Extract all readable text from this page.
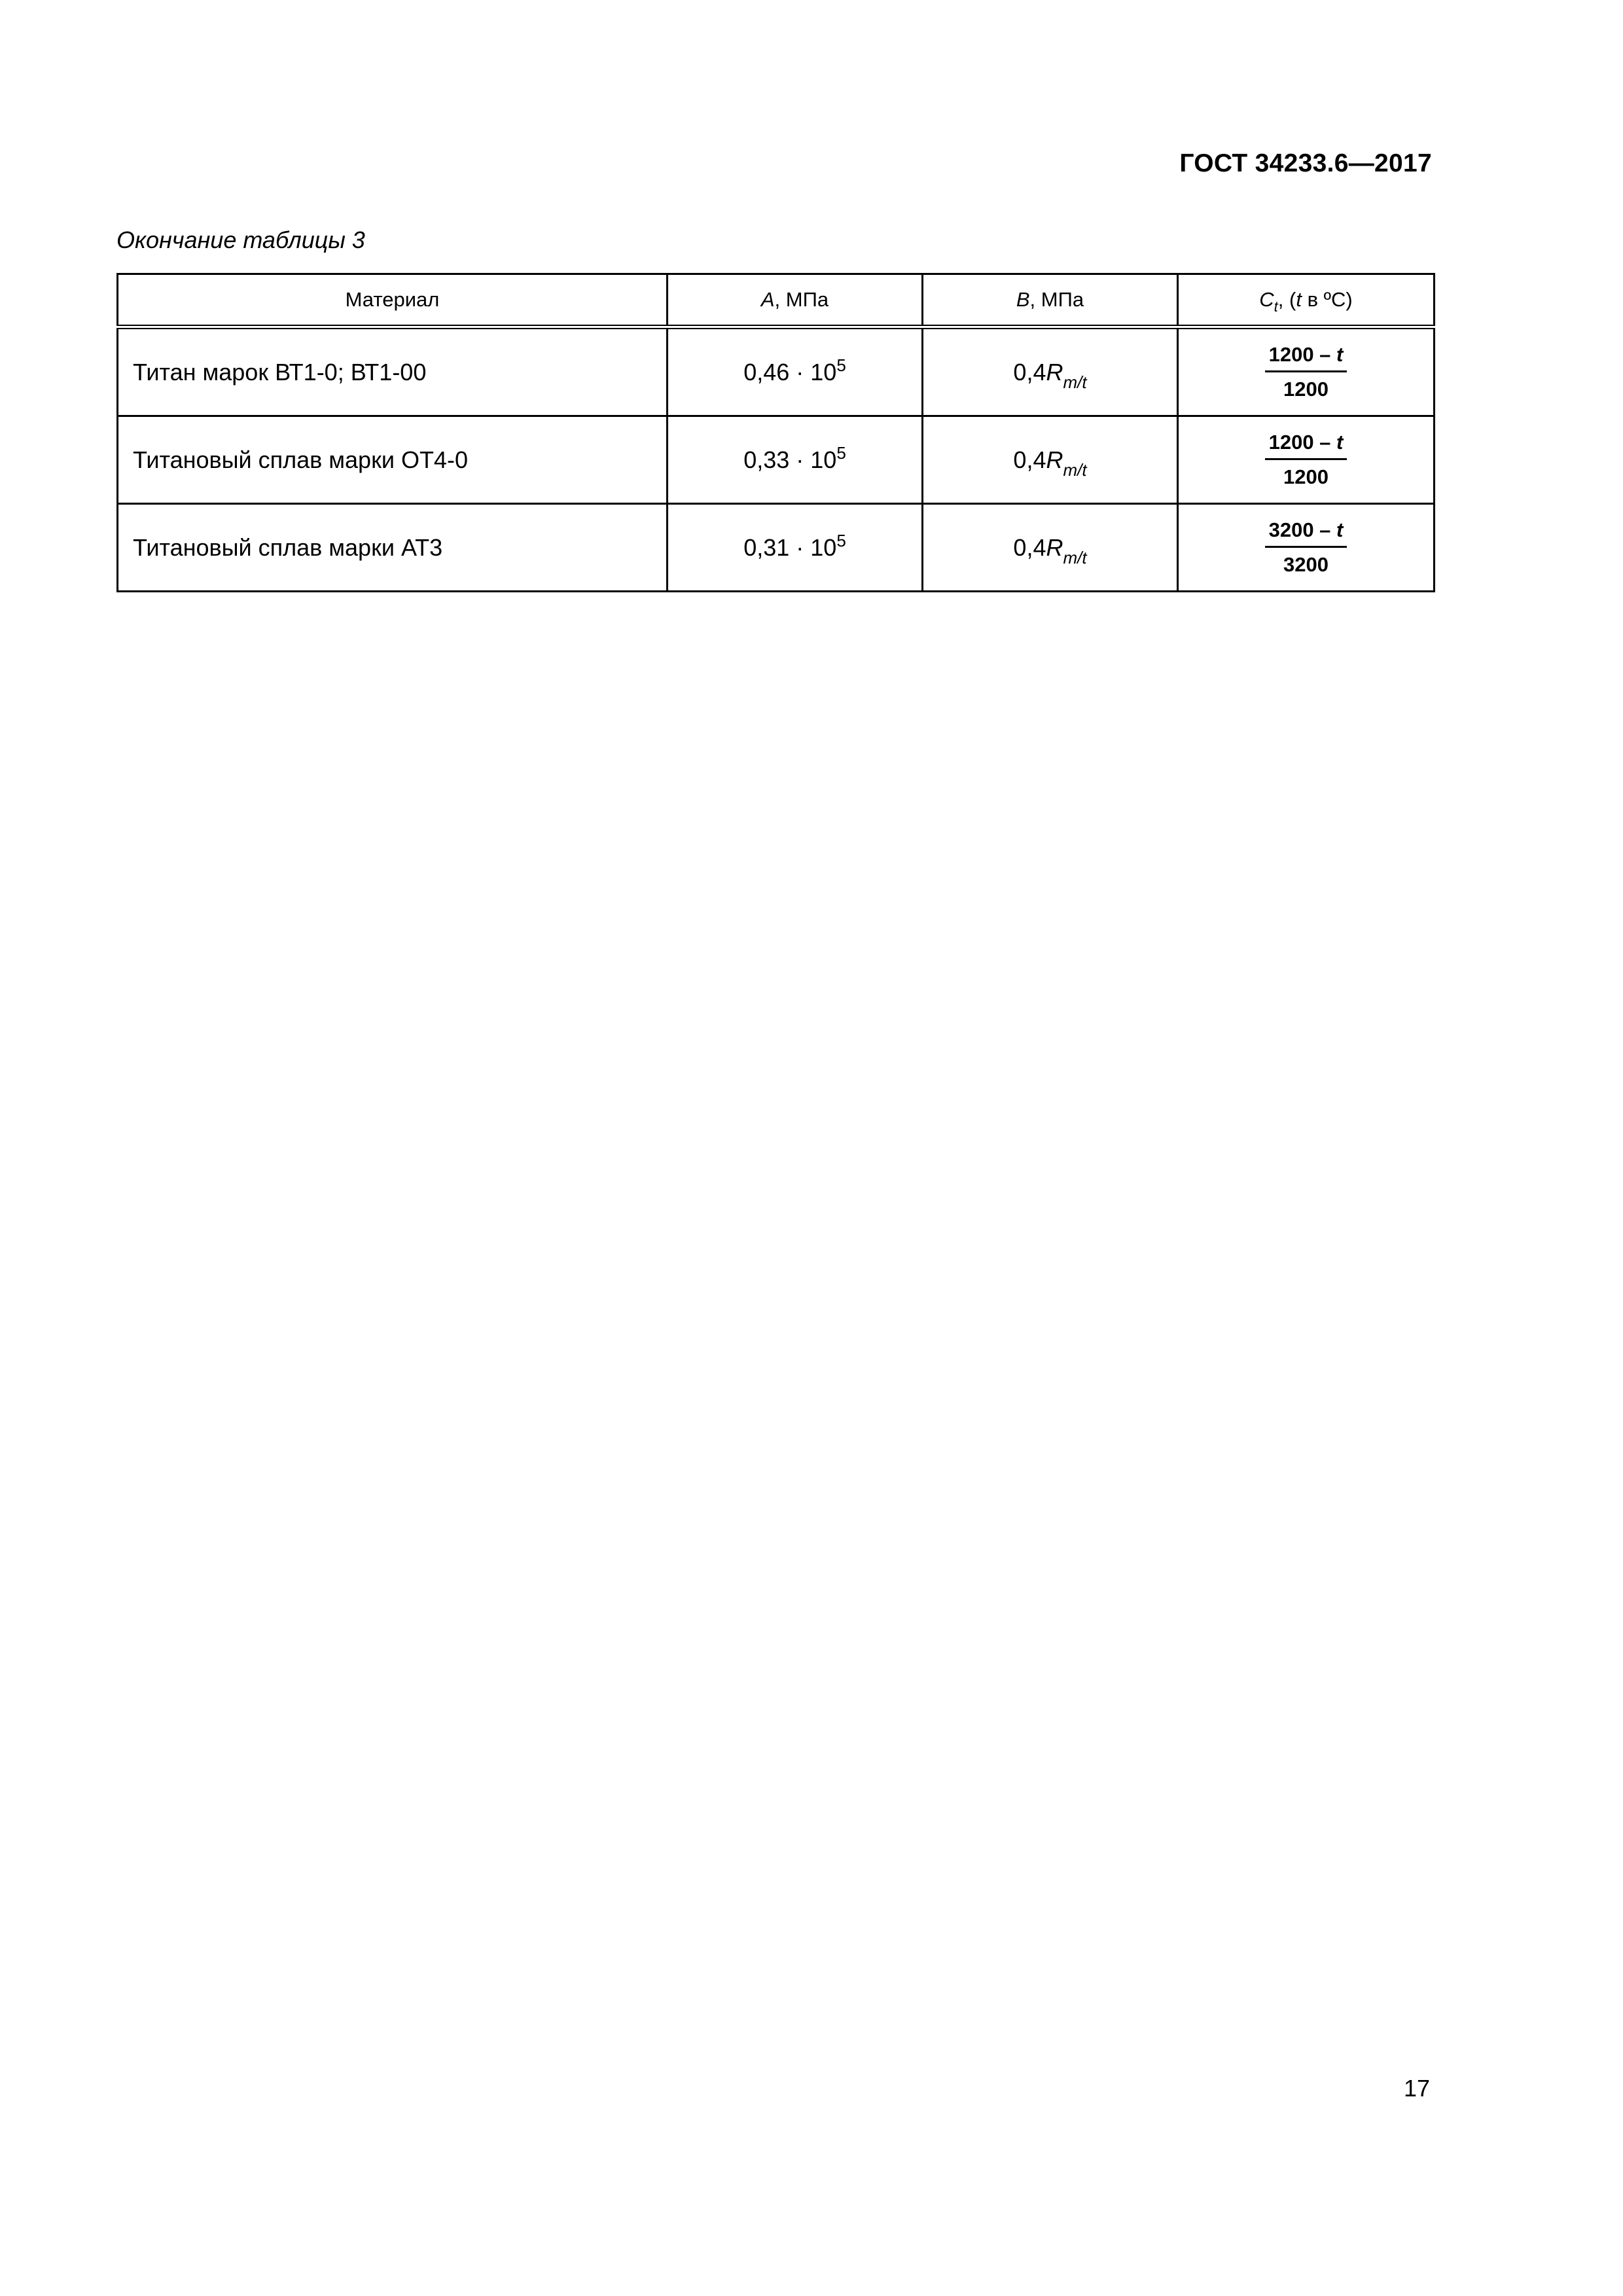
ГОСТ 34233.6—2017
Окончание таблицы 3
Материал	A, МПа	B, МПа	$C_t$, (t в ºС)
Титан марок ВТ1-0; ВТ1-00	$0,46 \cdot 10^5$	$0,4R_{m/t}$	$\frac{1200 - t}{1200}$

Титановый сплав марки ОТ4-0	$0,33 \cdot 10^5$	$0,4R_{m/t}$	$\frac{1200 - t}{1200}$

Титановый сплав марки АТ3	$0,31 \cdot 10^5$	$0,4R_{m/t}$	$\frac{3200 - t}{3200}$
17
